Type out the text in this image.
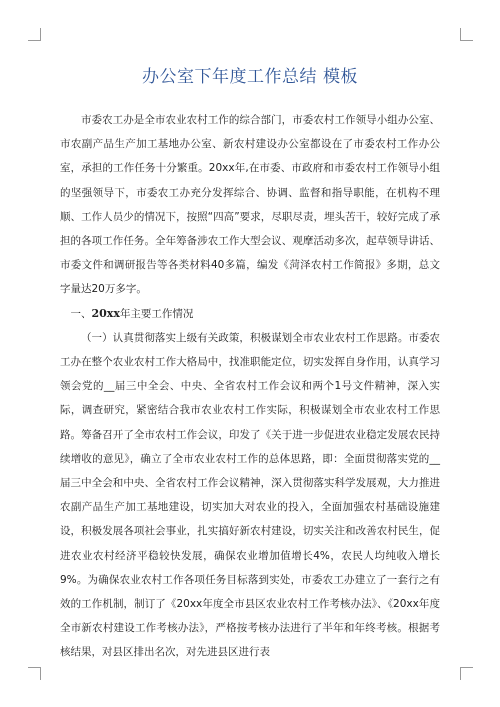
办公室下年度工作总结 模板

市委农工办是全市农业农村工作的综合部门，市委农村工作领导小组办公室、市农副产品生产加工基地办公室、新农村建设办公室都设在了市委农村工作办公室，承担的工作任务十分繁重。20xx年,在市委、市政府和市委农村工作领导小组的坚强领导下，市委农工办充分发挥综合、协调、监督和指导职能，在机构不理顺、工作人员少的情况下，按照“四高”要求，尽职尽责，埋头苦干，较好完成了承担的各项工作任务。全年筹备涉农工作大型会议、观摩活动多次，起草领导讲话、市委文件和调研报告等各类材料40多篇，编发《菏泽农村工作简报》多期，总文字量达20万多字。

一、20xx年主要工作情况

（一）认真贯彻落实上级有关政策，积极谋划全市农业农村工作思路。市委农工办在整个农业农村工作大格局中，找准职能定位，切实发挥自身作用，认真学习领会党的__届三中全会、中央、全省农村工作会议和两个1号文件精神，深入实际，调查研究，紧密结合我市农业农村工作实际，积极谋划全市农业农村工作思路。筹备召开了全市农村工作会议，印发了《关于进一步促进农业稳定发展农民持续增收的意见》，确立了全市农业农村工作的总体思路，即：全面贯彻落实党的__届三中全会和中央、全省农村工作会议精神，深入贯彻落实科学发展观，大力推进农副产品生产加工基地建设，切实加大对农业的投入，全面加强农村基础设施建设，积极发展各项社会事业，扎实搞好新农村建设，切实关注和改善农村民生，促进农业农村经济平稳较快发展，确保农业增加值增长4%，农民人均纯收入增长9%。为确保农业农村工作各项任务目标落到实处，市委农工办建立了一套行之有效的工作机制，制订了《20xx年度全市县区农业农村工作考核办法》、《20xx年度全市新农村建设工作考核办法》，严格按考核办法进行了半年和年终考核。根据考核结果，对县区排出名次，对先进县区进行表
